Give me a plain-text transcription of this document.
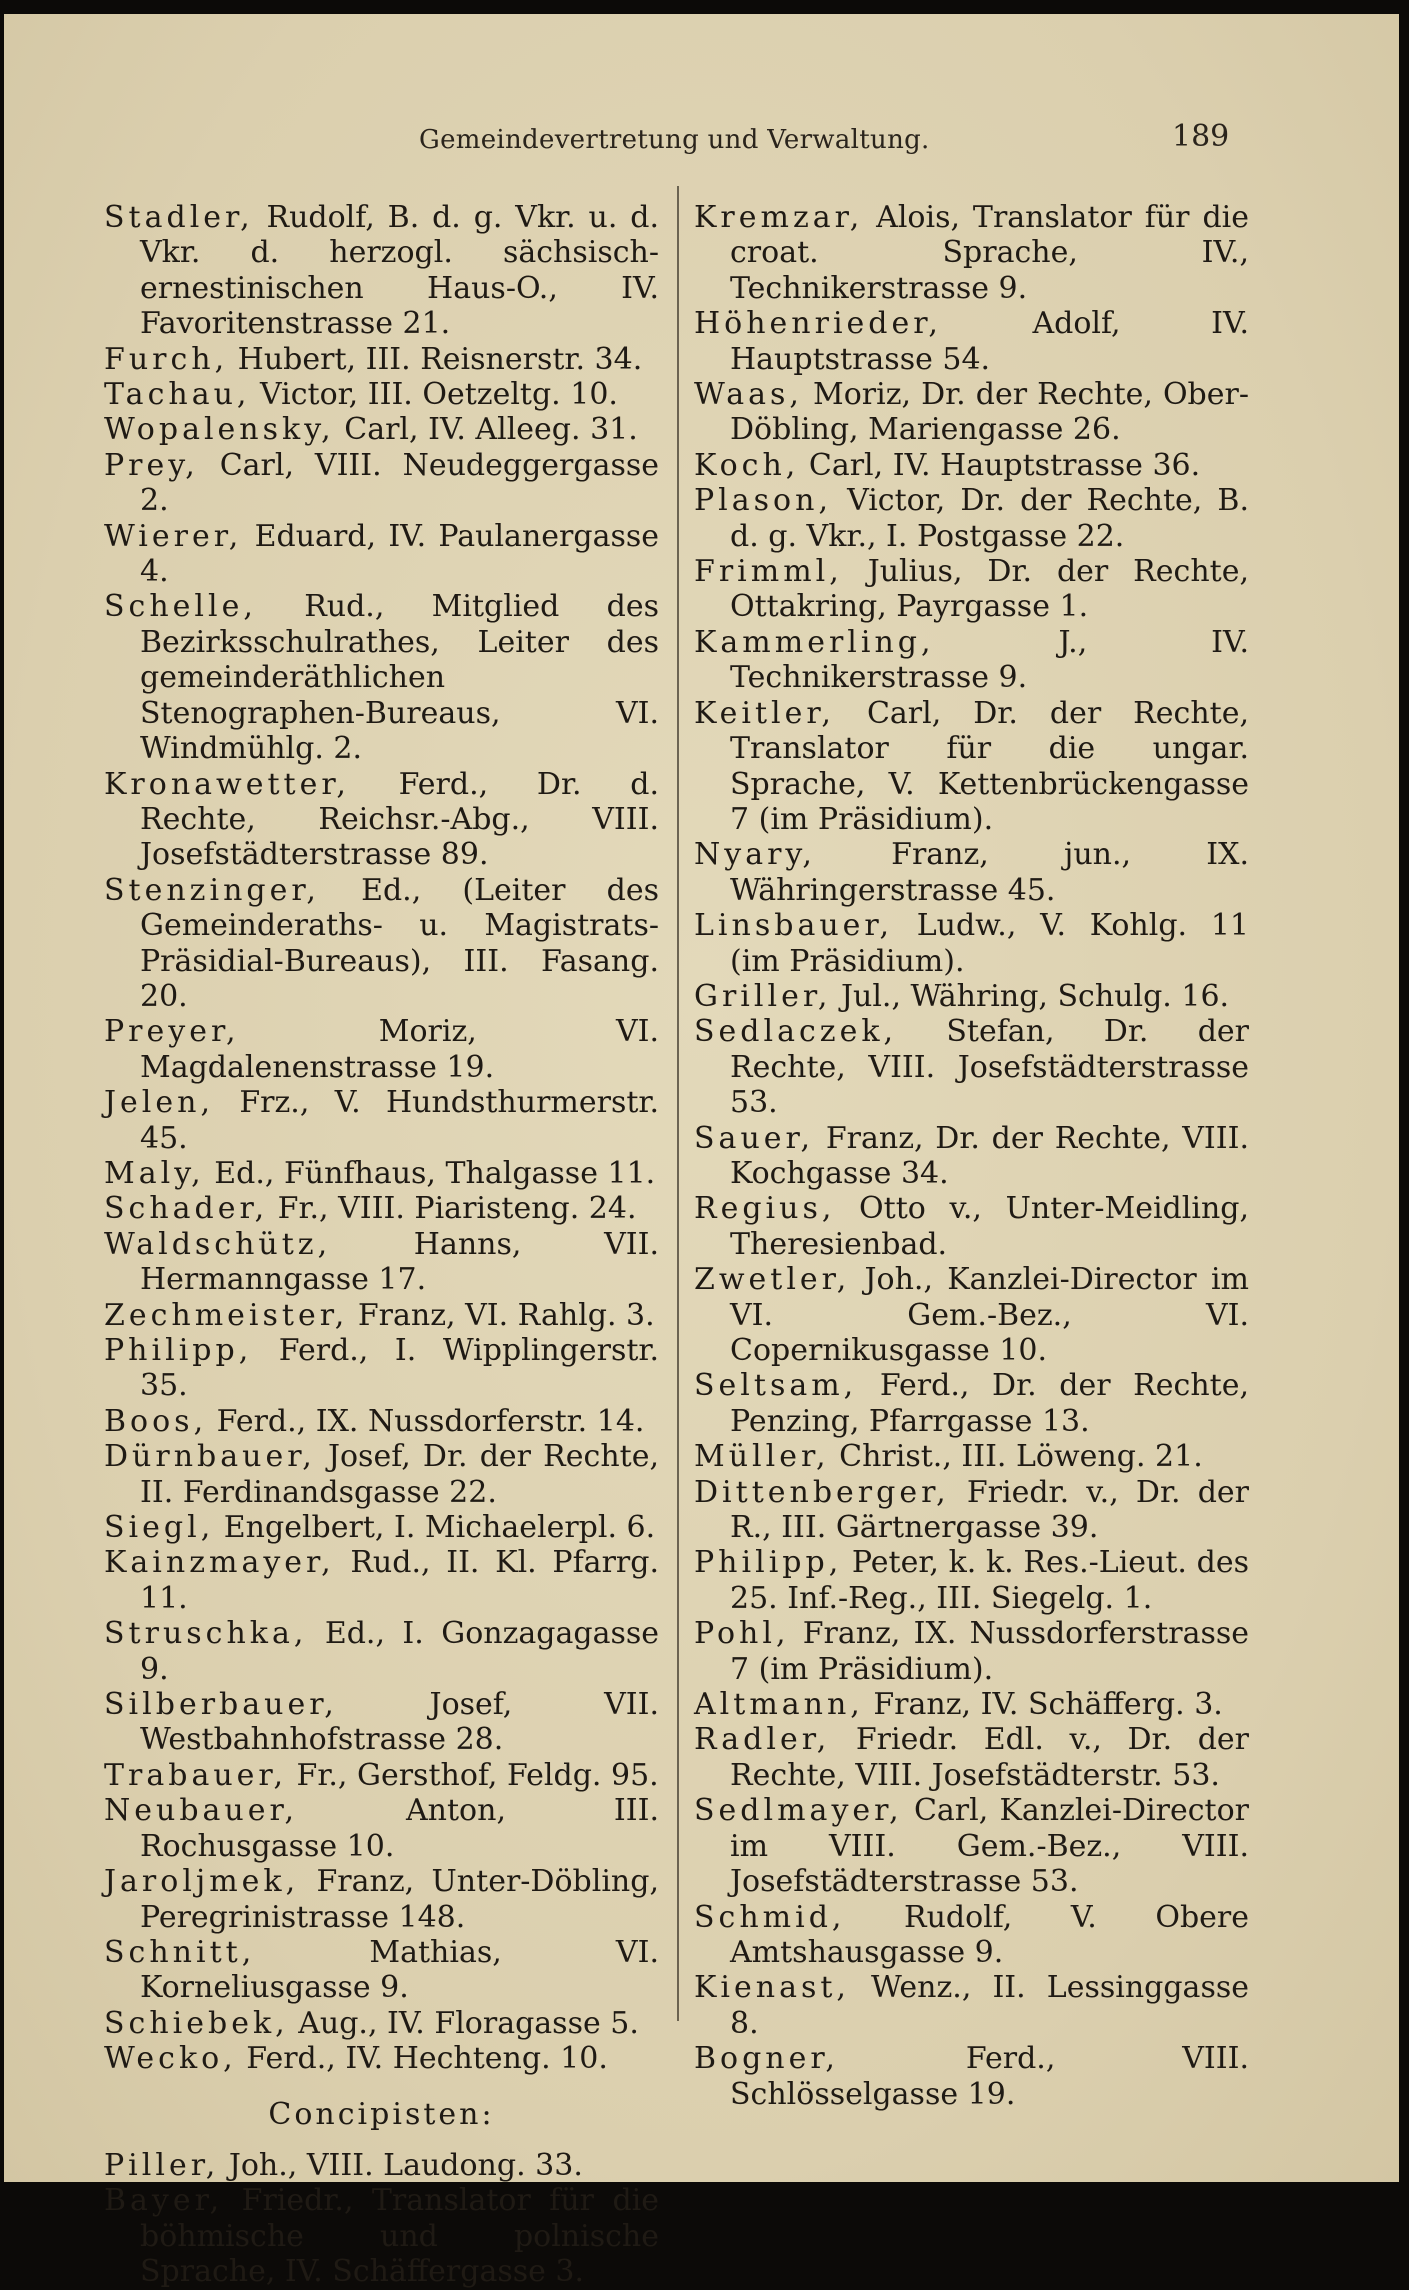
Gemeindevertretung und Verwaltung.	189
Stadler, Rudolf, B. d. g. Vkr. u. d. Vkr. d. herzogl. sächsisch-ernestinischen Haus-O., IV. Favoritenstrasse 21.
Furch, Hubert, III. Reisnerstr. 34.
Tachau, Victor, III. Oetzeltg. 10.
Wopalensky, Carl, IV. Alleeg. 31.
Prey, Carl, VIII. Neudeggergasse 2.
Wierer, Eduard, IV. Paulanergasse 4.
Schelle, Rud., Mitglied des Bezirksschulrathes, Leiter des gemeinderäthlichen Stenographen-Bureaus, VI. Windmühlg. 2.
Kronawetter, Ferd., Dr. d. Rechte, Reichsr.-Abg., VIII. Josefstädterstrasse 89.
Stenzinger, Ed., (Leiter des Gemeinderaths- u. Magistrats-Präsidial-Bureaus), III. Fasang. 20.
Preyer, Moriz, VI. Magdalenenstrasse 19.
Jelen, Frz., V. Hundsthurmerstr. 45.
Maly, Ed., Fünfhaus, Thalgasse 11.
Schader, Fr., VIII. Piaristeng. 24.
Waldschütz, Hanns, VII. Hermanngasse 17.
Zechmeister, Franz, VI. Rahlg. 3.
Philipp, Ferd., I. Wipplingerstr. 35.
Boos, Ferd., IX. Nussdorferstr. 14.
Dürnbauer, Josef, Dr. der Rechte, II. Ferdinandsgasse 22.
Siegl, Engelbert, I. Michaelerpl. 6.
Kainzmayer, Rud., II. Kl. Pfarrg. 11.
Struschka, Ed., I. Gonzagagasse 9.
Silberbauer, Josef, VII. Westbahnhofstrasse 28.
Trabauer, Fr., Gersthof, Feldg. 95.
Neubauer, Anton, III. Rochusgasse 10.
Jaroljmek, Franz, Unter-Döbling, Peregrinistrasse 148.
Schnitt, Mathias, VI. Korneliusgasse 9.
Schiebek, Aug., IV. Floragasse 5.
Wecko, Ferd., IV. Hechteng. 10.
Concipisten:
Piller, Joh., VIII. Laudong. 33.
Bayer, Friedr., Translator für die böhmische und polnische Sprache, IV. Schäffergasse 3.
Kremzar, Alois, Translator für die croat. Sprache, IV., Technikerstrasse 9.
Höhenrieder, Adolf, IV. Hauptstrasse 54.
Waas, Moriz, Dr. der Rechte, Ober-Döbling, Mariengasse 26.
Koch, Carl, IV. Hauptstrasse 36.
Plason, Victor, Dr. der Rechte, B. d. g. Vkr., I. Postgasse 22.
Frimml, Julius, Dr. der Rechte, Ottakring, Payrgasse 1.
Kammerling, J., IV. Technikerstrasse 9.
Keitler, Carl, Dr. der Rechte, Translator für die ungar. Sprache, V. Kettenbrückengasse 7 (im Präsidium).
Nyary, Franz, jun., IX. Währingerstrasse 45.
Linsbauer, Ludw., V. Kohlg. 11 (im Präsidium).
Griller, Jul., Währing, Schulg. 16.
Sedlaczek, Stefan, Dr. der Rechte, VIII. Josefstädterstrasse 53.
Sauer, Franz, Dr. der Rechte, VIII. Kochgasse 34.
Regius, Otto v., Unter-Meidling, Theresienbad.
Zwetler, Joh., Kanzlei-Director im VI. Gem.-Bez., VI. Copernikusgasse 10.
Seltsam, Ferd., Dr. der Rechte, Penzing, Pfarrgasse 13.
Müller, Christ., III. Löweng. 21.
Dittenberger, Friedr. v., Dr. der R., III. Gärtnergasse 39.
Philipp, Peter, k. k. Res.-Lieut. des 25. Inf.-Reg., III. Siegelg. 1.
Pohl, Franz, IX. Nussdorferstrasse 7 (im Präsidium).
Altmann, Franz, IV. Schäfferg. 3.
Radler, Friedr. Edl. v., Dr. der Rechte, VIII. Josefstädterstr. 53.
Sedlmayer, Carl, Kanzlei-Director im VIII. Gem.-Bez., VIII. Josefstädterstrasse 53.
Schmid, Rudolf, V. Obere Amtshausgasse 9.
Kienast, Wenz., II. Lessinggasse 8.
Bogner, Ferd., VIII. Schlösselgasse 19.
